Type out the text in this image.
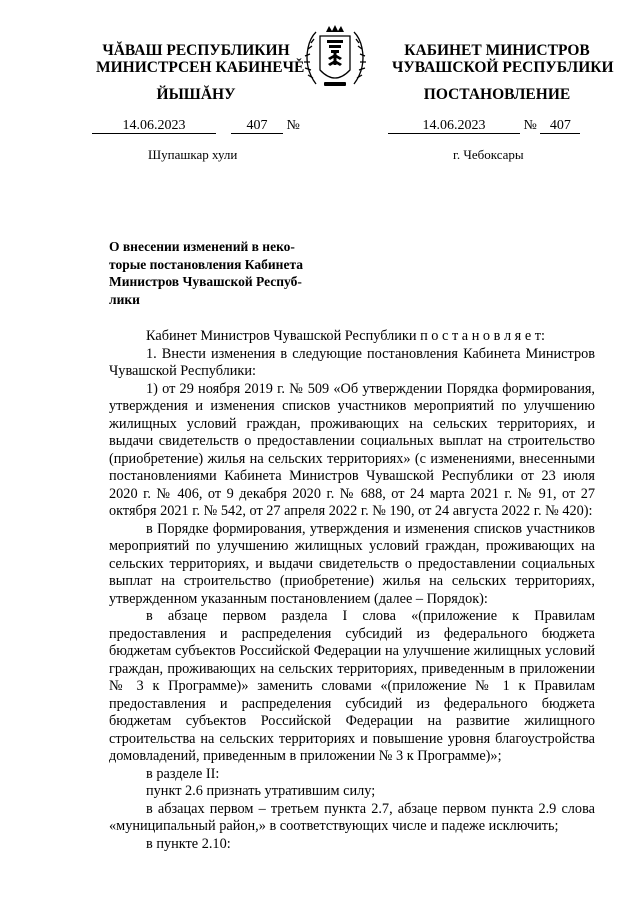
ЧĂВАШ РЕСПУБЛИКИН
МИНИСТРСЕН КАБИНЕЧĚ
КАБИНЕТ МИНИСТРОВ
ЧУВАШСКОЙ РЕСПУБЛИКИ
ЙЫШĂНУ	ПОСТАНОВЛЕНИЕ
14.06.2023	407 №	14.06.2023	№ 407
Шупашкар хули	г. Чебоксары
О внесении изменений в неко-
торые постановления Кабинета
Министров Чувашской Респуб-
лики

Кабинет Министров Чувашской Республики п о с т а н о в л я е т:

1. Внести изменения в следующие постановления Кабинета Министров Чувашской Республики:

1) от 29 ноября 2019 г. № 509 «Об утверждении Порядка формирования, утверждения и изменения списков участников мероприятий по улучшению жилищных условий граждан, проживающих на сельских территориях, и выдачи свидетельств о предоставлении социальных выплат на строительство (приобретение) жилья на сельских территориях» (с изменениями, внесенными постановлениями Кабинета Министров Чувашской Республики от 23 июля 2020 г. № 406, от 9 декабря 2020 г. № 688, от 24 марта 2021 г. № 91, от 27 октября 2021 г. № 542, от 27 апреля 2022 г. № 190, от 24 августа 2022 г. № 420):

в Порядке формирования, утверждения и изменения списков участников мероприятий по улучшению жилищных условий граждан, проживающих на сельских территориях, и выдачи свидетельств о предоставлении социальных выплат на строительство (приобретение) жилья на сельских территориях, утвержденном указанным постановлением (далее – Порядок):

в абзаце первом раздела I слова «(приложение к Правилам предоставления и распределения субсидий из федерального бюджета бюджетам субъектов Российской Федерации на улучшение жилищных условий граждан, проживающих на сельских территориях, приведенным в приложении № 3 к Программе)» заменить словами «(приложение № 1 к Правилам предоставления и распределения субсидий из федерального бюджета бюджетам субъектов Российской Федерации на развитие жилищного строительства на сельских территориях и повышение уровня благоустройства домовладений, приведенным в приложении № 3 к Программе)»;

в разделе II:

пункт 2.6 признать утратившим силу;

в абзацах первом – третьем пункта 2.7, абзаце первом пункта 2.9 слова «муниципальный район,» в соответствующих числе и падеже исключить;

в пункте 2.10:
